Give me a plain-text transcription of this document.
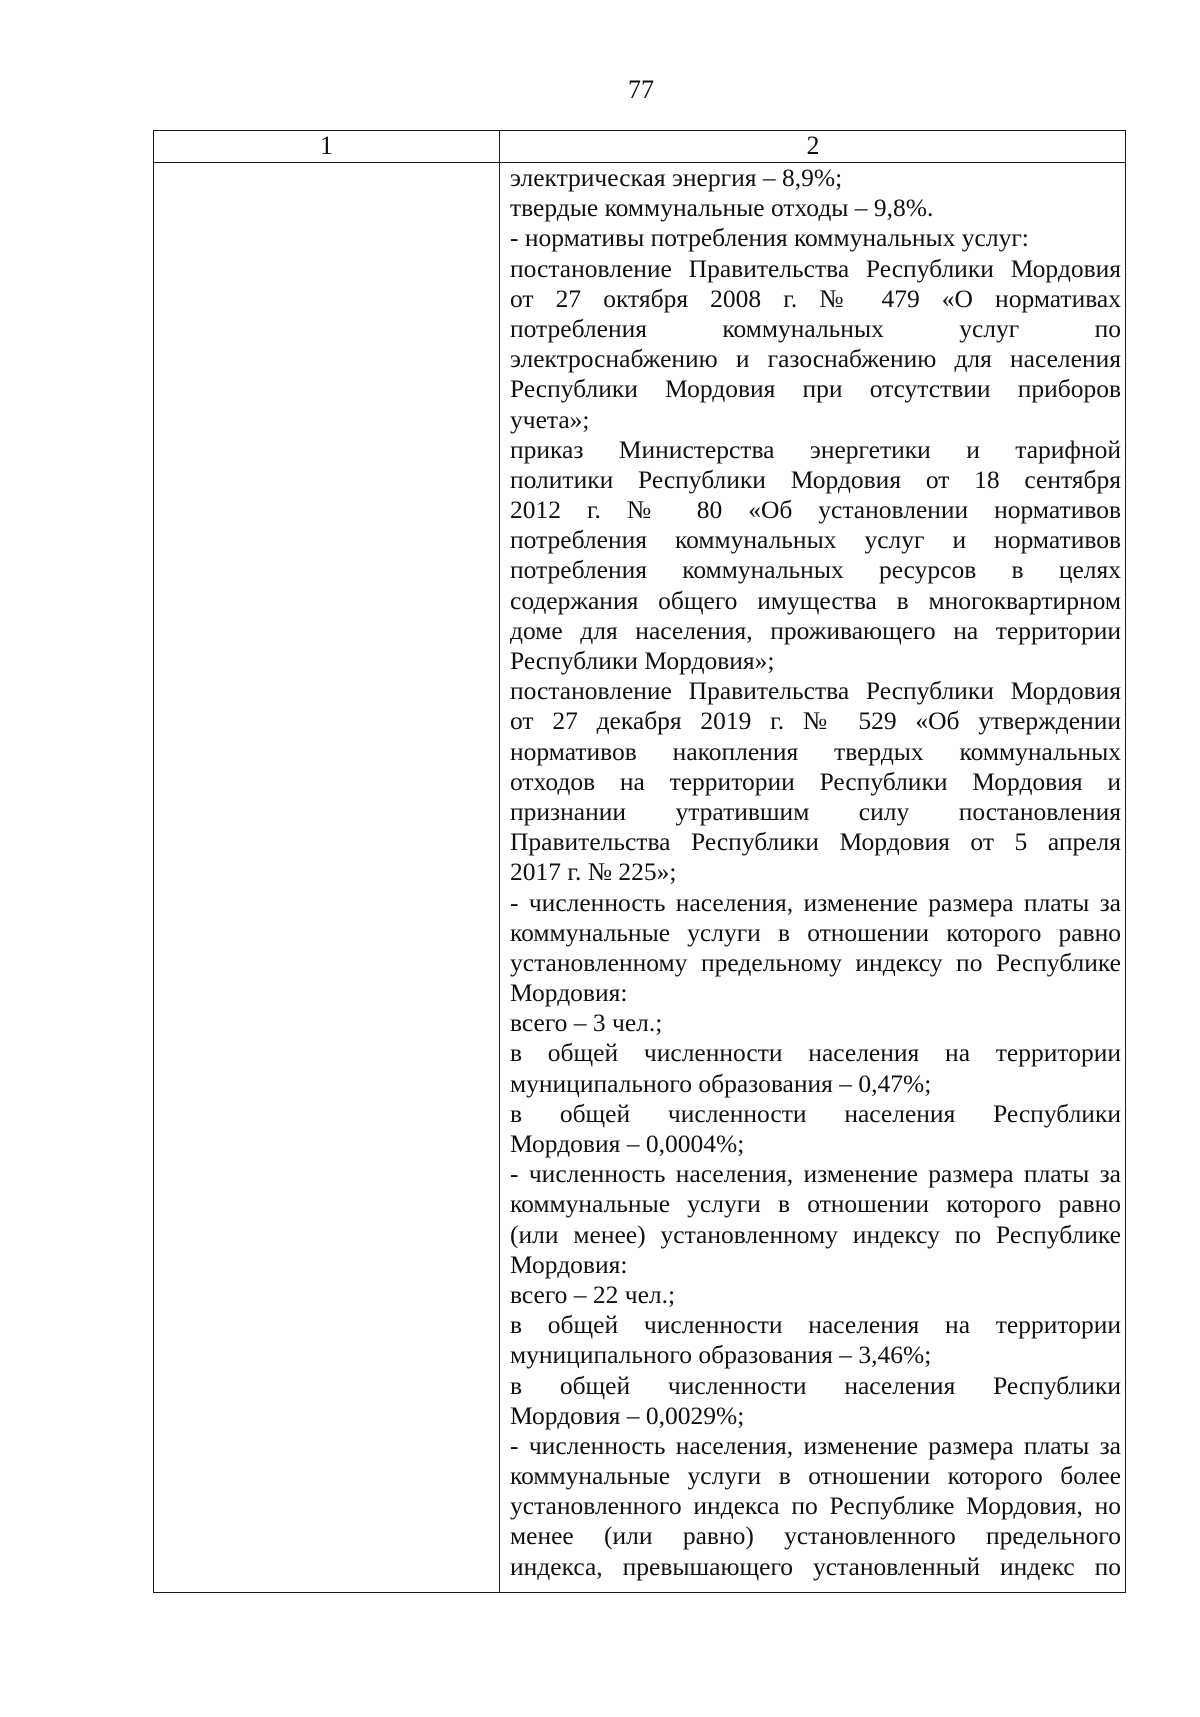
77
1	2
электрическая энергия – 8,9%;
твердые коммунальные отходы – 9,8%.
- нормативы потребления коммунальных услуг:
постановление Правительства Республики Мордовия
от 27 октября 2008 г. № 479 «О нормативах
потребления коммунальных услуг по
электроснабжению и газоснабжению для населения
Республики Мордовия при отсутствии приборов
учета»;
приказ Министерства энергетики и тарифной
политики Республики Мордовия от 18 сентября
2012 г. № 80 «Об установлении нормативов
потребления коммунальных услуг и нормативов
потребления коммунальных ресурсов в целях
содержания общего имущества в многоквартирном
доме для населения, проживающего на территории
Республики Мордовия»;
постановление Правительства Республики Мордовия
от 27 декабря 2019 г. № 529 «Об утверждении
нормативов накопления твердых коммунальных
отходов на территории Республики Мордовия и
признании утратившим силу постановления
Правительства Республики Мордовия от 5 апреля
2017 г. № 225»;
- численность населения, изменение размера платы за
коммунальные услуги в отношении которого равно
установленному предельному индексу по Республике
Мордовия:
всего – 3 чел.;
в общей численности населения на территории
муниципального образования – 0,47%;
в общей численности населения Республики
Мордовия – 0,0004%;
- численность населения, изменение размера платы за
коммунальные услуги в отношении которого равно
(или менее) установленному индексу по Республике
Мордовия:
всего – 22 чел.;
в общей численности населения на территории
муниципального образования – 3,46%;
в общей численности населения Республики
Мордовия – 0,0029%;
- численность населения, изменение размера платы за
коммунальные услуги в отношении которого более
установленного индекса по Республике Мордовия, но
менее (или равно) установленного предельного
индекса, превышающего установленный индекс по
